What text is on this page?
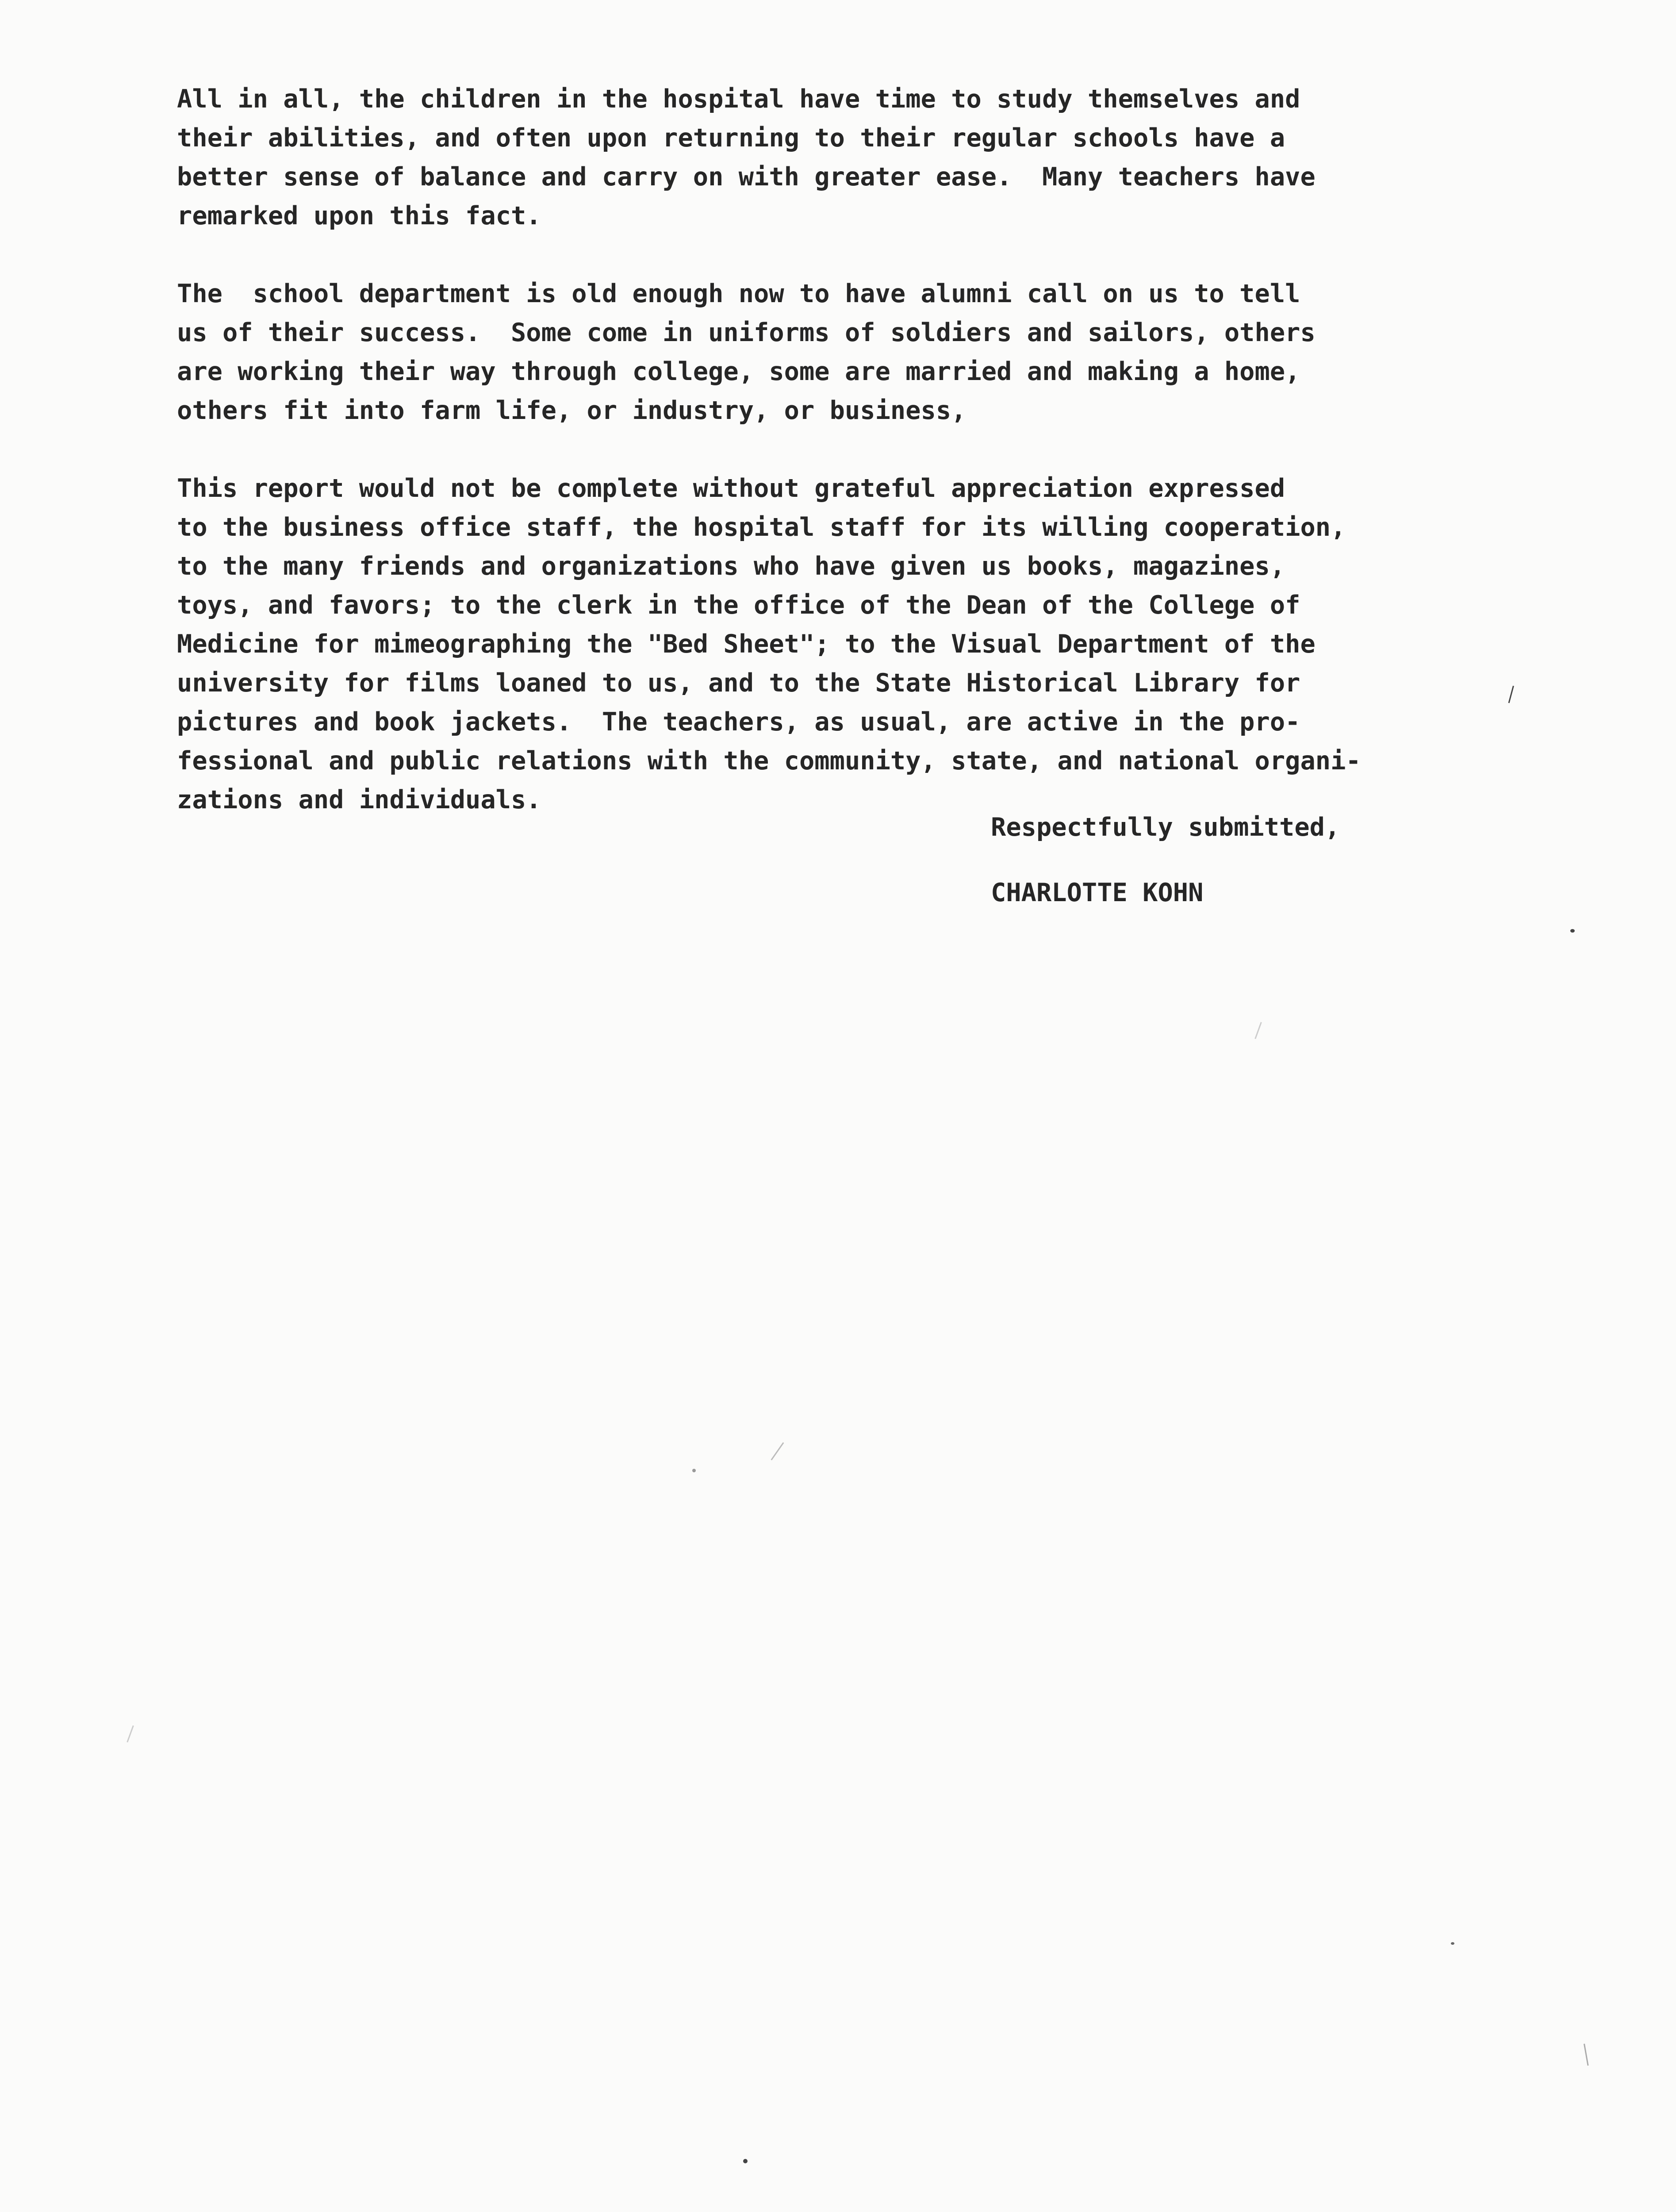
All in all, the children in the hospital have time to study themselves and
their abilities, and often upon returning to their regular schools have a
better sense of balance and carry on with greater ease.  Many teachers have
remarked upon this fact.
The  school department is old enough now to have alumni call on us to tell
us of their success.  Some come in uniforms of soldiers and sailors, others
are working their way through college, some are married and making a home,
others fit into farm life, or industry, or business,
This report would not be complete without grateful appreciation expressed
to the business office staff, the hospital staff for its willing cooperation,
to the many friends and organizations who have given us books, magazines,
toys, and favors; to the clerk in the office of the Dean of the College of
Medicine for mimeographing the "Bed Sheet"; to the Visual Department of the
university for films loaned to us, and to the State Historical Library for
pictures and book jackets.  The teachers, as usual, are active in the pro-
fessional and public relations with the community, state, and national organi-
zations and individuals.
Respectfully submitted,
CHARLOTTE KOHN
